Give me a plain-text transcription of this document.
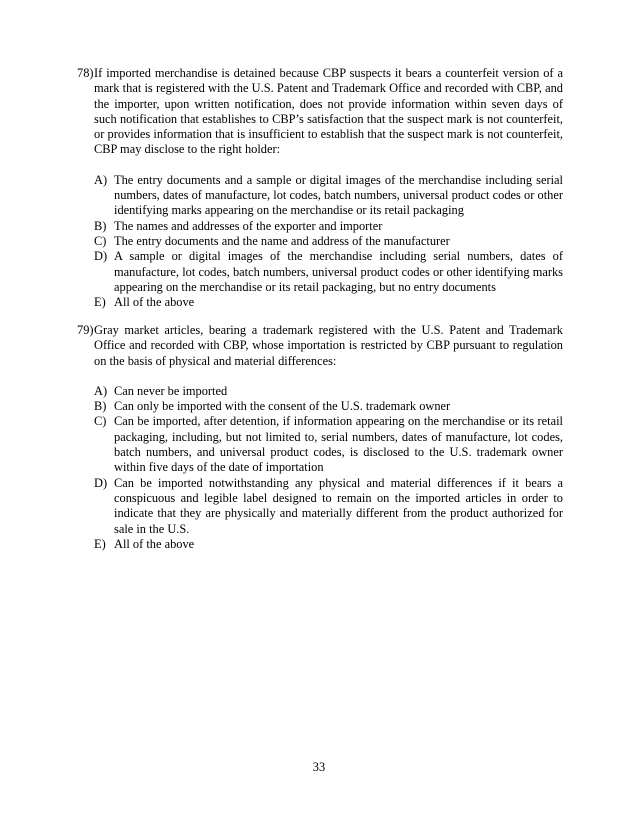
78) If imported merchandise is detained because CBP suspects it bears a counterfeit version of a mark that is registered with the U.S. Patent and Trademark Office and recorded with CBP, and the importer, upon written notification, does not provide information within seven days of such notification that establishes to CBP’s satisfaction that the suspect mark is not counterfeit, or provides information that is insufficient to establish that the suspect mark is not counterfeit, CBP may disclose to the right holder:

A) The entry documents and a sample or digital images of the merchandise including serial numbers, dates of manufacture, lot codes, batch numbers, universal product codes or other identifying marks appearing on the merchandise or its retail packaging
B) The names and addresses of the exporter and importer
C) The entry documents and the name and address of the manufacturer
D) A sample or digital images of the merchandise including serial numbers, dates of manufacture, lot codes, batch numbers, universal product codes or other identifying marks appearing on the merchandise or its retail packaging, but no entry documents
E) All of the above

79) Gray market articles, bearing a trademark registered with the U.S. Patent and Trademark Office and recorded with CBP, whose importation is restricted by CBP pursuant to regulation on the basis of physical and material differences:

A) Can never be imported
B) Can only be imported with the consent of the U.S. trademark owner
C) Can be imported, after detention, if information appearing on the merchandise or its retail packaging, including, but not limited to, serial numbers, dates of manufacture, lot codes, batch numbers, and universal product codes, is disclosed to the U.S. trademark owner within five days of the date of importation
D) Can be imported notwithstanding any physical and material differences if it bears a conspicuous and legible label designed to remain on the imported articles in order to indicate that they are physically and materially different from the product authorized for sale in the U.S.
E) All of the above
33
